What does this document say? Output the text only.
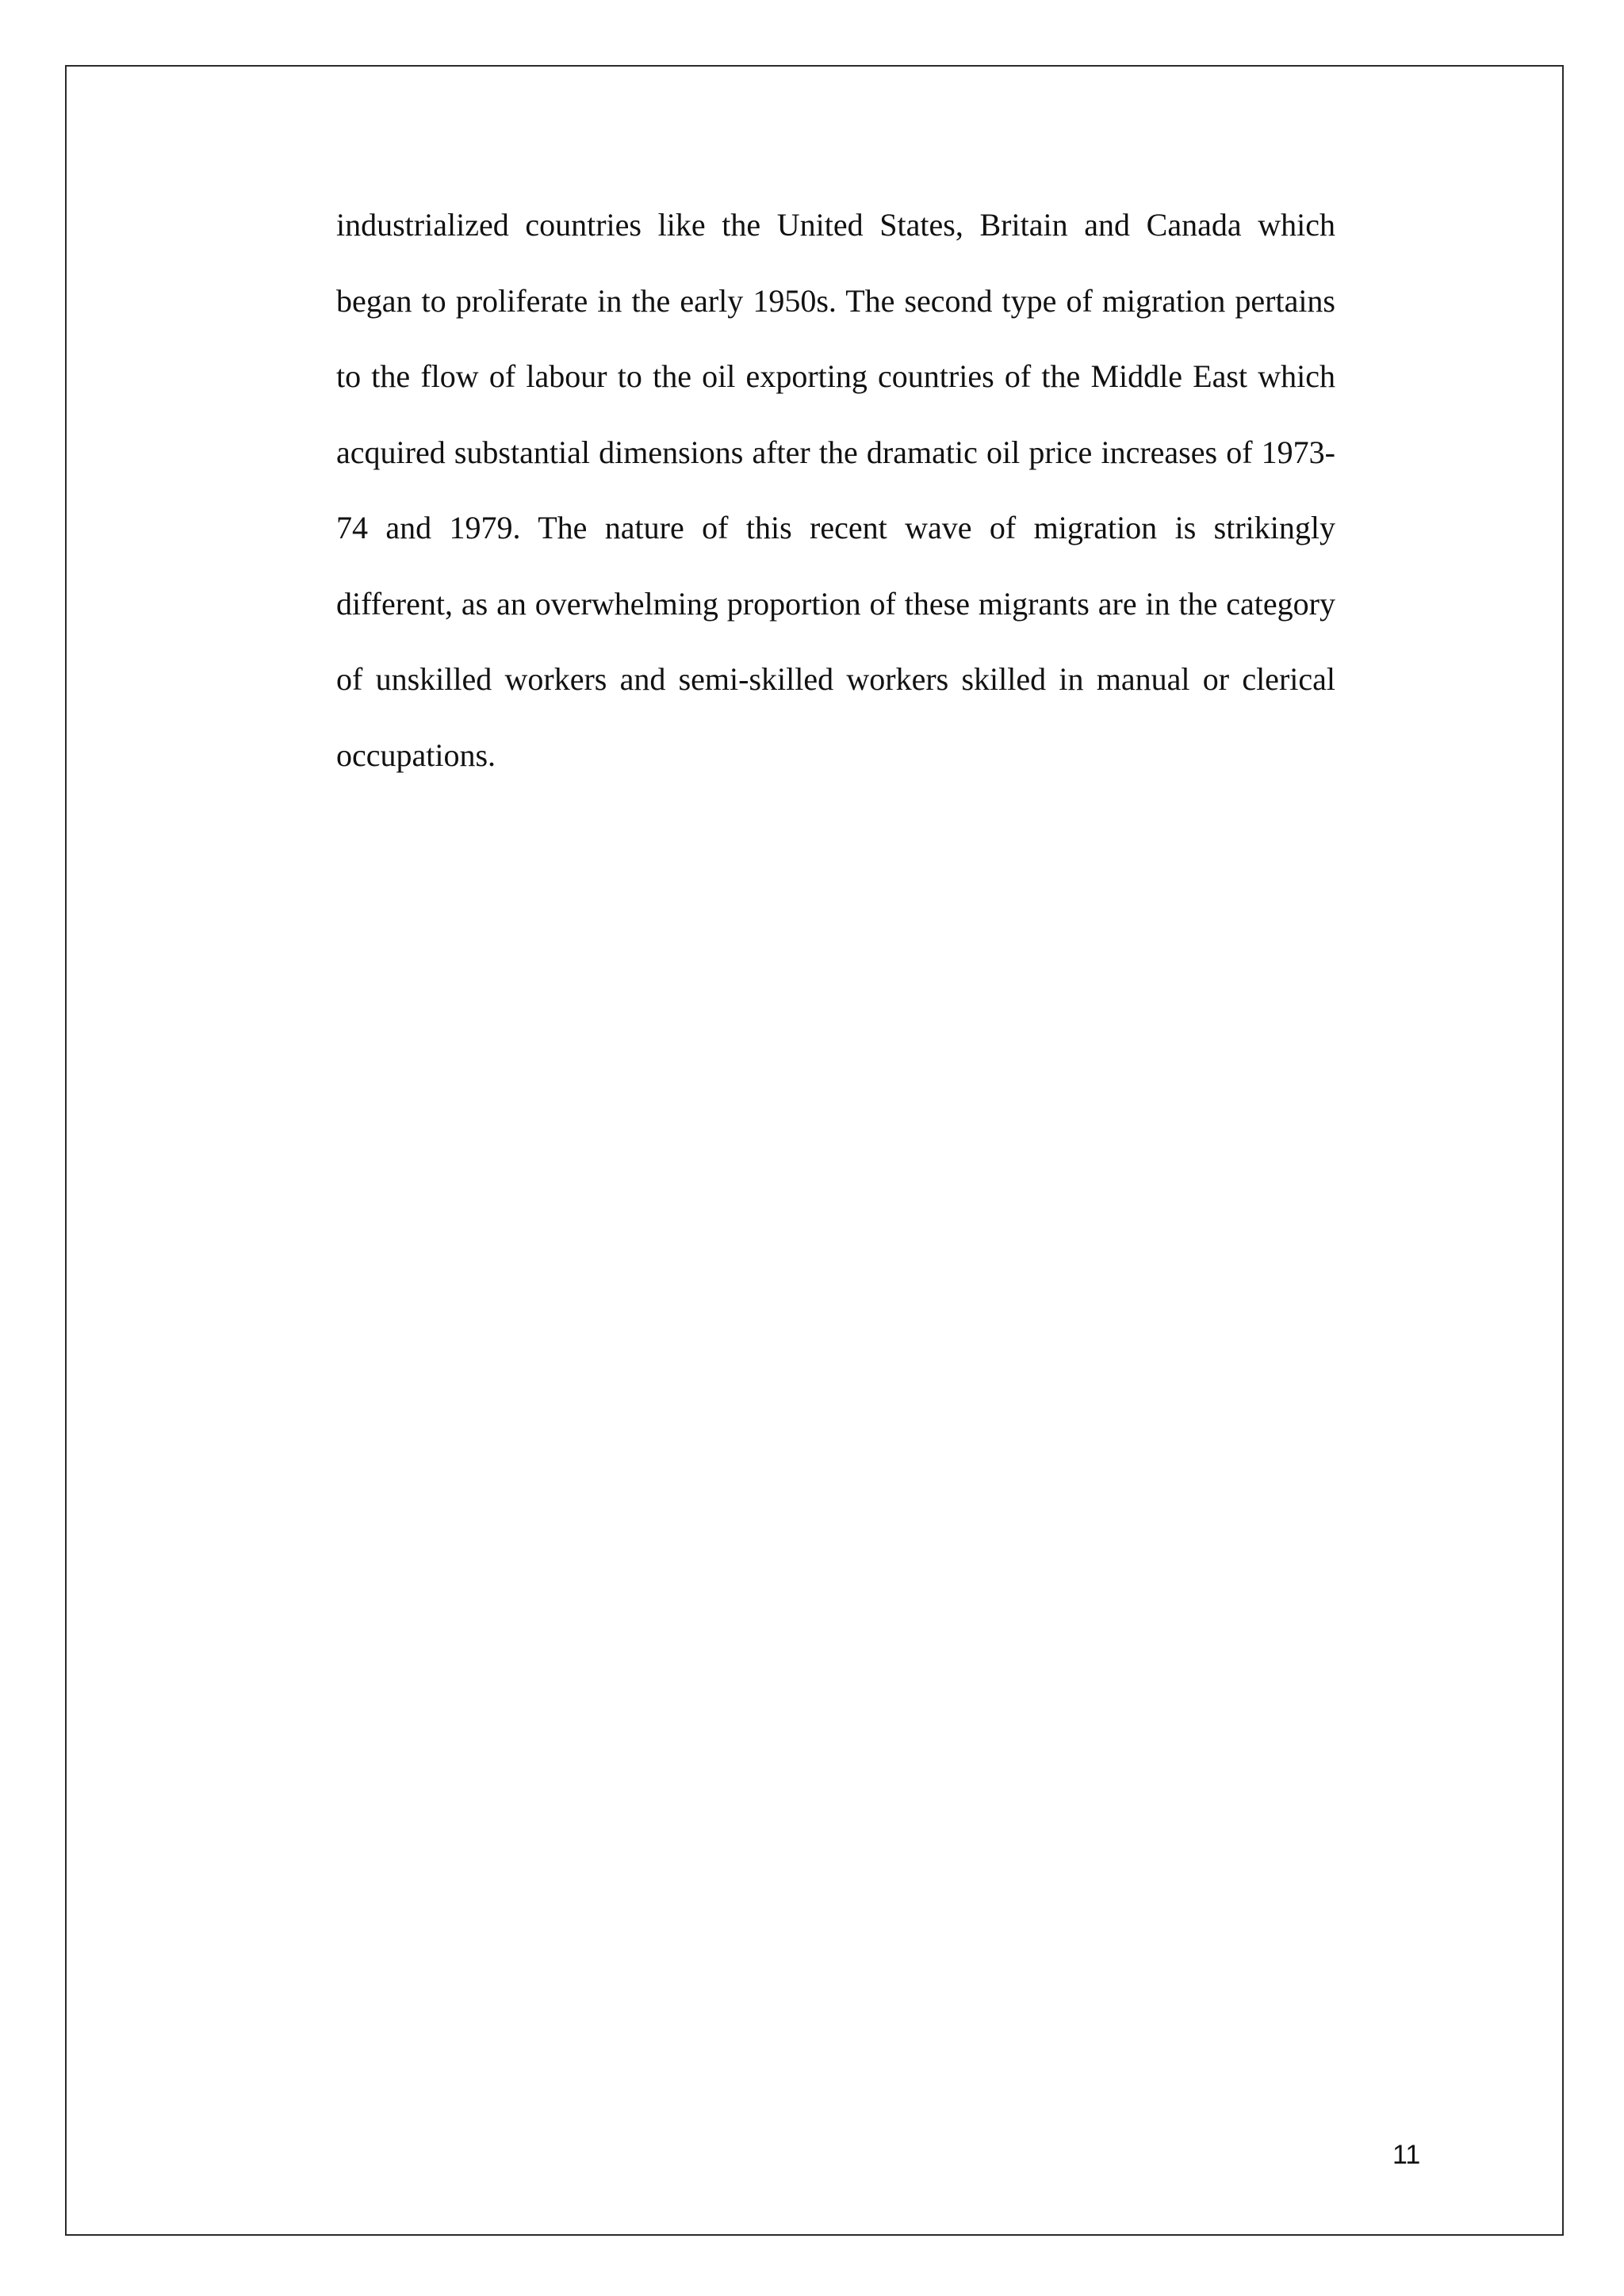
industrialized countries like the United States, Britain and Canada which began to proliferate in the early 1950s. The second type of migration pertains to the flow of labour to the oil exporting countries of the Middle East which acquired substantial dimensions after the dramatic oil price increases of 1973-74 and 1979. The nature of this recent wave of migration is strikingly different, as an overwhelming proportion of these migrants are in the category of unskilled workers and semi-skilled workers skilled in manual or clerical occupations.

11
